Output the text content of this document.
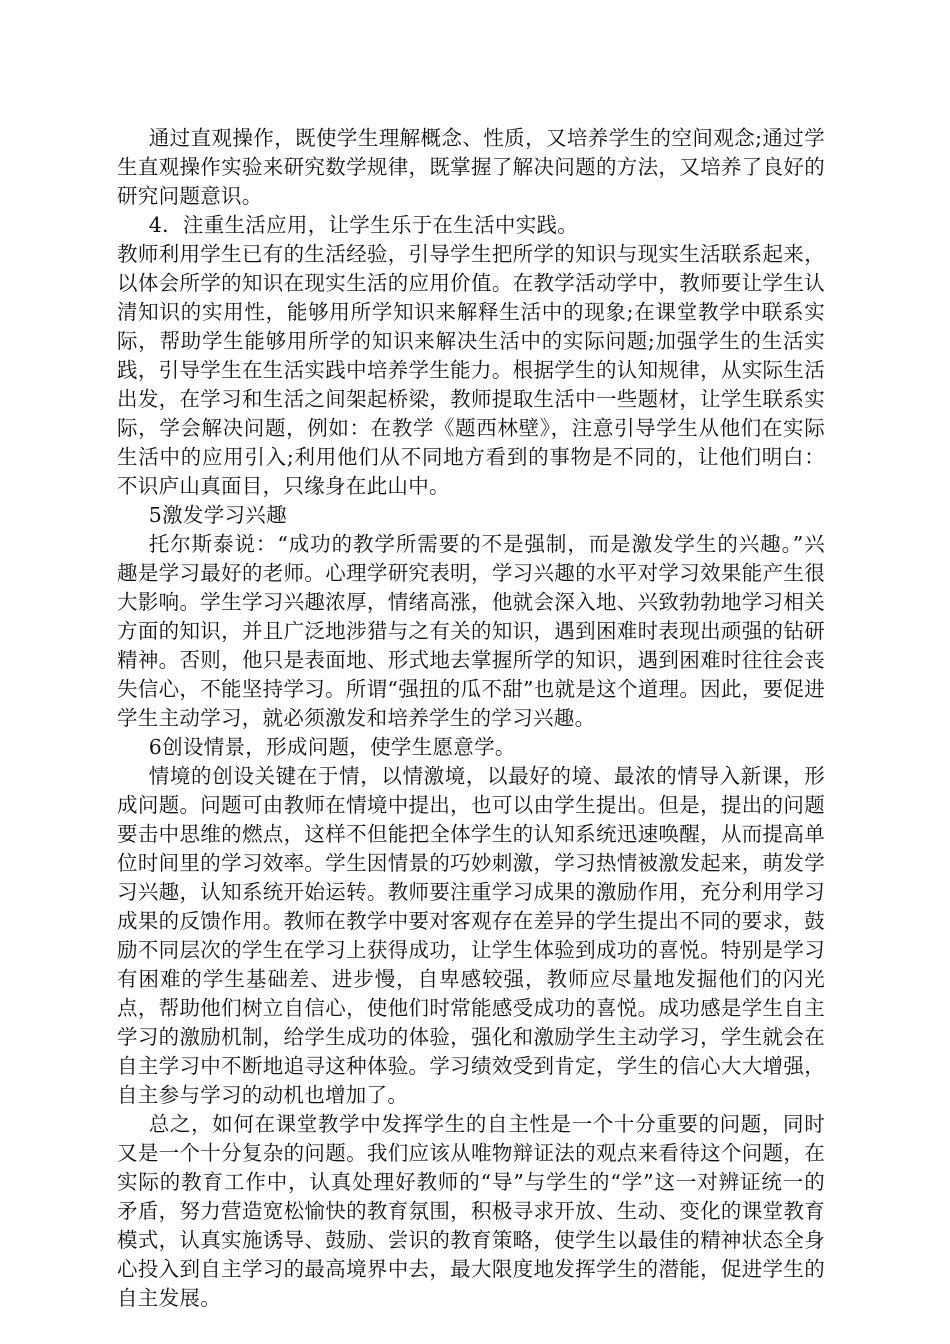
通过直观操作，既使学生理解概念、性质，又培养学生的空间观念;通过学生直观操作实验来研究数学规律，既掌握了解决问题的方法，又培养了良好的研究问题意识。

4．注重生活应用，让学生乐于在生活中实践。

教师利用学生已有的生活经验，引导学生把所学的知识与现实生活联系起来，以体会所学的知识在现实生活的应用价值。在教学活动学中，教师要让学生认清知识的实用性，能够用所学知识来解释生活中的现象;在课堂教学中联系实际，帮助学生能够用所学的知识来解决生活中的实际问题;加强学生的生活实践，引导学生在生活实践中培养学生能力。根据学生的认知规律，从实际生活出发，在学习和生活之间架起桥梁，教师提取生活中一些题材，让学生联系实际，学会解决问题，例如：在教学《题西林壁》，注意引导学生从他们在实际生活中的应用引入;利用他们从不同地方看到的事物是不同的，让他们明白：不识庐山真面目，只缘身在此山中。

5激发学习兴趣

托尔斯泰说：“成功的教学所需要的不是强制，而是激发学生的兴趣。”兴趣是学习最好的老师。心理学研究表明，学习兴趣的水平对学习效果能产生很大影响。学生学习兴趣浓厚，情绪高涨，他就会深入地、兴致勃勃地学习相关方面的知识，并且广泛地涉猎与之有关的知识，遇到困难时表现出顽强的钻研精神。否则，他只是表面地、形式地去掌握所学的知识，遇到困难时往往会丧失信心，不能坚持学习。所谓“强扭的瓜不甜”也就是这个道理。因此，要促进学生主动学习，就必须激发和培养学生的学习兴趣。

6创设情景，形成问题，使学生愿意学。

情境的创设关键在于情，以情激境，以最好的境、最浓的情导入新课，形成问题。问题可由教师在情境中提出，也可以由学生提出。但是，提出的问题要击中思维的燃点，这样不但能把全体学生的认知系统迅速唤醒，从而提高单位时间里的学习效率。学生因情景的巧妙刺激，学习热情被激发起来，萌发学习兴趣，认知系统开始运转。教师要注重学习成果的激励作用，充分利用学习成果的反馈作用。教师在教学中要对客观存在差异的学生提出不同的要求，鼓励不同层次的学生在学习上获得成功，让学生体验到成功的喜悦。特别是学习有困难的学生基础差、进步慢，自卑感较强，教师应尽量地发掘他们的闪光点，帮助他们树立自信心，使他们时常能感受成功的喜悦。成功感是学生自主学习的激励机制，给学生成功的体验，强化和激励学生主动学习，学生就会在自主学习中不断地追寻这种体验。学习绩效受到肯定，学生的信心大大增强，自主参与学习的动机也增加了。

总之，如何在课堂教学中发挥学生的自主性是一个十分重要的问题，同时又是一个十分复杂的问题。我们应该从唯物辩证法的观点来看待这个问题，在实际的教育工作中，认真处理好教师的“导”与学生的“学”这一对辨证统一的矛盾，努力营造宽松愉快的教育氛围，积极寻求开放、生动、变化的课堂教育模式，认真实施诱导、鼓励、尝识的教育策略，使学生以最佳的精神状态全身心投入到自主学习的最高境界中去，最大限度地发挥学生的潜能，促进学生的自主发展。
